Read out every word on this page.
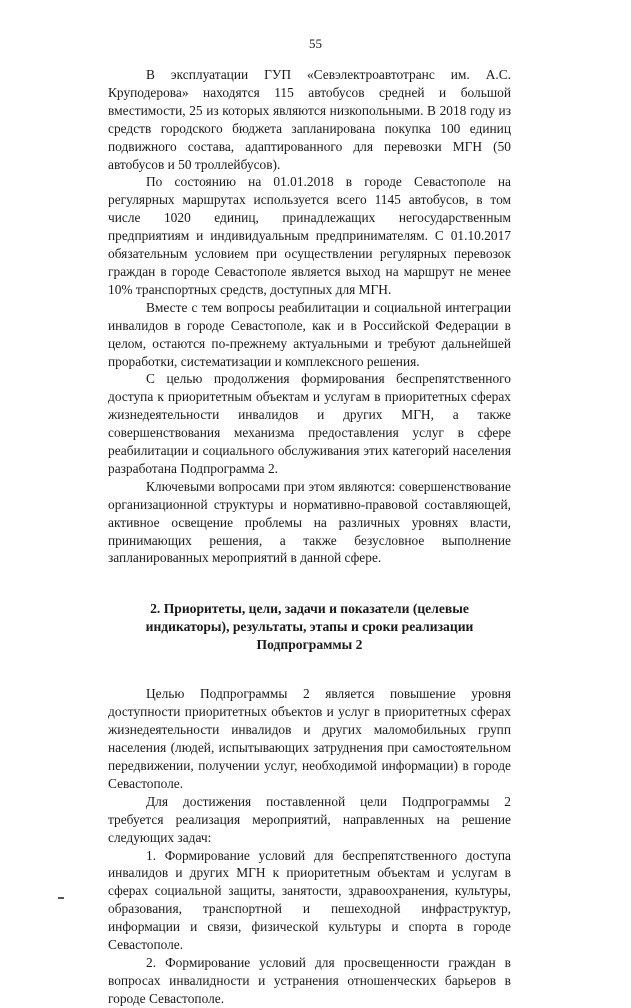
55

В эксплуатации ГУП «Севэлектроавтотранс им. А.С. Круподерова» находятся 115 автобусов средней и большой вместимости, 25 из которых являются низкопольными. В 2018 году из средств городского бюджета запланирована покупка 100 единиц подвижного состава, адаптированного для перевозки МГН (50 автобусов и 50 троллейбусов).

По состоянию на 01.01.2018 в городе Севастополе на регулярных маршрутах используется всего 1145 автобусов, в том числе 1020 единиц, принадлежащих негосударственным предприятиям и индивидуальным предпринимателям. С 01.10.2017 обязательным условием при осуществлении регулярных перевозок граждан в городе Севастополе является выход на маршрут не менее 10% транспортных средств, доступных для МГН.

Вместе с тем вопросы реабилитации и социальной интеграции инвалидов в городе Севастополе, как и в Российской Федерации в целом, остаются по-прежнему актуальными и требуют дальнейшей проработки, систематизации и комплексного решения.

С целью продолжения формирования беспрепятственного доступа к приоритетным объектам и услугам в приоритетных сферах жизнедеятельности инвалидов и других МГН, а также совершенствования механизма предоставления услуг в сфере реабилитации и социального обслуживания этих категорий населения разработана Подпрограмма 2.

Ключевыми вопросами при этом являются: совершенствование организационной структуры и нормативно-правовой составляющей, активное освещение проблемы на различных уровнях власти, принимающих решения, а также безусловное выполнение запланированных мероприятий в данной сфере.

2. Приоритеты, цели, задачи и показатели (целевые индикаторы), результаты, этапы и сроки реализации Подпрограммы 2

Целью Подпрограммы 2 является повышение уровня доступности приоритетных объектов и услуг в приоритетных сферах жизнедеятельности инвалидов и других маломобильных групп населения (людей, испытывающих затруднения при самостоятельном передвижении, получении услуг, необходимой информации) в городе Севастополе.

Для достижения поставленной цели Подпрограммы 2 требуется реализация мероприятий, направленных на решение следующих задач:

1. Формирование условий для беспрепятственного доступа инвалидов и других МГН к приоритетным объектам и услугам в сферах социальной защиты, занятости, здравоохранения, культуры, образования, транспортной и пешеходной инфраструктур, информации и связи, физической культуры и спорта в городе Севастополе.

2. Формирование условий для просвещенности граждан в вопросах инвалидности и устранения отношенческих барьеров в городе Севастополе.
